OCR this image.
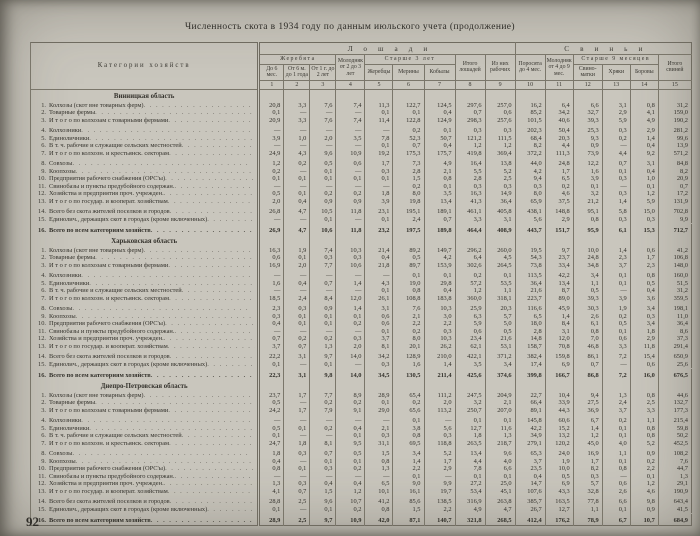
Численность скота в 1934 году по данным июльского учета (продолжение)
Категории хозяйств	Лошади									Свиньи					
	Жеребята			Молодняк от 2 до 3 лет	Старше 3 лет			Итого лошадей	Из них рабочих	Поросята до 4 мес.	Молодняк от 4 до 9 мес.	Старше 9 месяцев			Итого свиней
	До 6 мес.	От 6 м. до 1 года	От 1 г. до 2 лет		Жеребцы	Мерины	Кобылы					Свино-матки	Хряки	Боровы	
	1	2	3	4	5	6	7	8	9	10	11	12	13	14	15
Винницкая область															

1. Колхозы (скот вне товарных ферм)
. . .	20,8	3,3	7,6	7,4	11,3	122,7	124,5	297,6	257,0	16,2	6,4	6,6	3,1	0,8	31,2

2. Товарные фермы
. . .	0,1	—	—	—	0,1	0,1	0,4	0,7	0,6	85,2	34,2	32,7	2,9	4,1	159,0

3. И т о г о по колхозам с товарными фермами
. . .	20,9	3,3	7,6	7,4	11,4	122,8	124,9	298,3	257,6	101,5	40,6	39,3	5,9	4,9	190,2

4. Колхозники
. . .	—	—	—	—	—	0,2	0,1	0,3	0,3	202,3	50,4	25,3	0,3	2,9	281,2

5. Единоличники
. . .	3,9	1,0	2,0	3,5	7,8	52,3	50,7	121,2	111,5	68,4	20,3	9,3	0,2	1,4	99,6

6. В т. ч. рабочие и служащие сельских местностей
. . .	—	—	—	—	0,1	0,7	0,4	1,2	1,2	8,2	4,4	0,9	—	0,4	13,9

7. И т о г о по колхозн. и крестьянск. секторам
. . .	24,9	4,3	9,6	10,9	19,2	175,3	175,7	419,8	369,4	372,2	111,3	73,9	4,4	9,2	571,2

8. Совхозы
. . .	1,2	0,2	0,5	0,6	1,7	7,3	4,9	16,4	13,8	44,0	24,8	12,2	0,7	3,1	84,8

9. Коопхозы
. . .	0,2	—	0,1	—	0,3	2,8	2,1	5,5	5,2	4,2	1,7	1,6	0,1	0,4	8,2

10. Предприятия рабочего снабжения (ОРС'ы)
. . .	0,1	0,1	0,1	0,1	0,1	1,5	0,8	2,8	2,5	9,4	6,5	3,9	0,3	1,0	20,9

11. Свинобазы и пункты предубойного содержан.
. . .	—	—	—	—	—	0,2	0,1	0,3	0,3	0,3	0,2	0,1	—	0,1	0,7

12. Хозяйства и предприятия проч. учрежден.
. . .	0,5	0,1	0,2	0,2	1,8	8,0	3,5	16,3	14,9	8,0	4,6	3,2	0,3	1,2	17,2

13. И т о г о по государ. и кооперат. хозяйствам
. . .	2,0	0,4	0,9	0,9	3,9	19,8	13,4	41,3	36,4	65,9	37,5	21,2	1,4	5,9	131,9

14. Всего без скота жителей поселков и городов
. . .	26,8	4,7	10,5	11,8	23,1	195,1	189,1	461,1	405,8	438,1	148,8	95,1	5,8	15,0	702,8

15. Единолич., держащих скот в городах (кроме включенных)
. . .	—	—	0,1	—	0,1	2,4	0,7	3,3	3,1	5,6	2,9	0,8	0,3	0,3	9,9

16. Всего по всем категориям хозяйств
. . .	26,9	4,7	10,6	11,8	23,2	197,5	189,8	464,4	408,9	443,7	151,7	95,9	6,1	15,3	712,7
Харьковская область															

1. Колхозы (скот вне товарных ферм)
. . .	16,3	1,9	7,4	10,3	21,4	89,2	149,7	296,2	260,0	19,5	9,7	10,0	1,4	0,6	41,2

2. Товарные фермы
. . .	0,6	0,1	0,3	0,3	0,4	0,5	4,2	6,4	4,5	54,3	23,7	24,8	2,3	1,7	106,8

3. И т о г о по колхозам с товарными фермами
. . .	16,9	2,0	7,7	10,6	21,8	89,7	153,9	302,6	264,5	73,8	33,4	34,8	3,7	2,3	148,0

4. Колхозники
. . .	—	—	—	—	—	0,1	0,1	0,2	0,1	113,5	42,2	3,4	0,1	0,8	160,0

5. Единоличники
. . .	1,6	0,4	0,7	1,4	4,3	19,0	29,8	57,2	53,5	36,4	13,4	1,1	0,1	0,5	51,5

6. В т. ч. рабочие и служащие сельских местностей
. . .	—	—	—	—	0,1	0,8	0,4	1,2	1,1	21,6	8,7	0,5	—	0,4	31,2

7. И т о г о по колхозн. и крестьянск. секторам
. . .	18,5	2,4	8,4	12,0	26,1	108,8	183,8	360,0	318,1	223,7	89,0	39,3	3,9	3,6	359,5

8. Совхозы
. . .	2,3	0,3	0,9	1,4	3,1	7,6	10,3	25,9	20,3	116,6	45,9	30,3	1,9	3,4	198,1

9. Коопхозы
. . .	0,3	0,1	0,1	0,1	0,6	2,1	3,0	6,3	5,7	6,5	1,4	2,6	0,2	0,3	11,0

10. Предприятия рабочего снабжения (ОРС'ы)
. . .	0,4	0,1	0,1	0,2	0,6	2,2	2,2	5,9	5,0	18,0	8,4	6,1	0,5	3,4	36,4

11. Свинобазы и пункты предубойного содержан.
. . .	—	—	—	—	0,1	0,2	0,3	0,6	0,5	2,8	3,1	0,8	0,1	1,8	8,6

12. Хозяйства и предприятия проч. учрежден.
. . .	0,7	0,2	0,2	0,3	3,7	8,0	10,3	23,4	21,6	14,8	12,0	7,0	0,6	2,9	37,3

13. И т о г о по государ. и кооперат. хозяйствам
. . .	3,7	0,7	1,3	2,0	8,1	20,1	26,2	62,1	53,1	158,7	70,8	46,8	3,3	11,8	291,4

14. Всего без скота жителей поселков и городов
. . .	22,2	3,1	9,7	14,0	34,2	128,9	210,0	422,1	371,2	382,4	159,8	86,1	7,2	15,4	650,9

15. Единолич., держащих скот в городах (кроме включенных)
. . .	0,1	—	0,1	—	0,3	1,6	1,4	3,5	3,4	17,4	6,9	0,7	—	0,6	25,6

16. Всего по всем категориям хозяйств
. . .	22,3	3,1	9,8	14,0	34,5	130,5	211,4	425,6	374,6	399,8	166,7	86,8	7,2	16,0	676,5
Днепро-Петровская область															

1. Колхозы (скот вне товарных ферм)
. . .	23,7	1,7	7,7	8,9	28,9	65,4	111,2	247,5	204,9	22,7	10,4	9,4	1,3	0,8	44,6

2. Товарные фермы
. . .	0,5	—	0,2	0,2	0,1	0,2	2,0	3,2	2,1	66,4	33,9	27,5	2,4	2,5	132,7

3. И т о г о по колхозам с товарными фермами
. . .	24,2	1,7	7,9	9,1	29,0	65,6	113,2	250,7	207,0	89,1	44,3	36,9	3,7	3,3	177,3

4. Колхозники
. . .	—	—	—	—	—	0,1	—	0,1	0,1	145,8	60,6	6,7	0,2	1,1	215,4

5. Единоличники
. . .	0,5	0,1	0,2	0,4	2,1	3,8	5,6	12,7	11,6	42,2	15,2	1,4	0,1	0,8	59,8

6. В т. ч. рабочие и служащие сельских местностей
. . .	0,1	—	—	0,1	0,3	0,8	0,3	1,8	1,3	34,9	13,2	1,2	0,1	0,8	50,2

7. И т о г о по колхозн. и крестьянск. секторам
. . .	24,7	1,8	8,1	9,5	31,1	69,5	118,8	263,5	218,7	279,1	120,2	45,0	4,0	5,2	452,5

8. Совхозы
. . .	1,8	0,3	0,7	0,5	1,5	3,4	5,2	13,4	9,6	65,3	24,0	16,9	1,1	0,9	108,2

9. Коопхозы
. . .	0,4	—	0,1	0,1	0,8	1,4	1,7	4,4	4,0	3,7	1,9	1,7	0,1	0,2	7,6

10. Предприятия рабочего снабжения (ОРС'ы)
. . .	0,8	0,1	0,3	0,2	1,3	2,2	2,9	7,8	6,6	23,5	10,0	8,2	0,8	2,2	44,7

11. Свинобазы и пункты предубойного содержан.
. . .	—	—	—	—	—	0,1	—	0,1	0,1	0,4	0,5	0,3	—	0,1	1,3

12. Хозяйства и предприятия проч. учрежден.
. . .	1,3	0,3	0,4	0,4	6,5	9,0	9,9	27,2	25,0	14,7	6,9	5,7	0,6	1,2	29,1

13. И т о г о по государ. и кооперат. хозяйствам
. . .	4,1	0,7	1,5	1,2	10,1	16,1	19,7	53,4	45,1	107,6	43,3	32,8	2,6	4,6	190,9

14. Всего без скота жителей поселков и городов
. . .	28,8	2,5	9,6	10,7	41,2	85,6	138,5	316,9	263,8	385,7	163,5	77,8	6,6	9,8	643,4

15. Единолич., держащих скот в городах (кроме включенных)
. . .	0,1	—	0,1	0,2	0,8	1,5	2,2	4,9	4,7	26,7	12,7	1,1	0,1	0,9	41,5

16. Всего по всем категориям хозяйств
. . .	28,9	2,5	9,7	10,9	42,0	87,1	140,7	321,8	268,5	412,4	176,2	78,9	6,7	10,7	684,9
92
